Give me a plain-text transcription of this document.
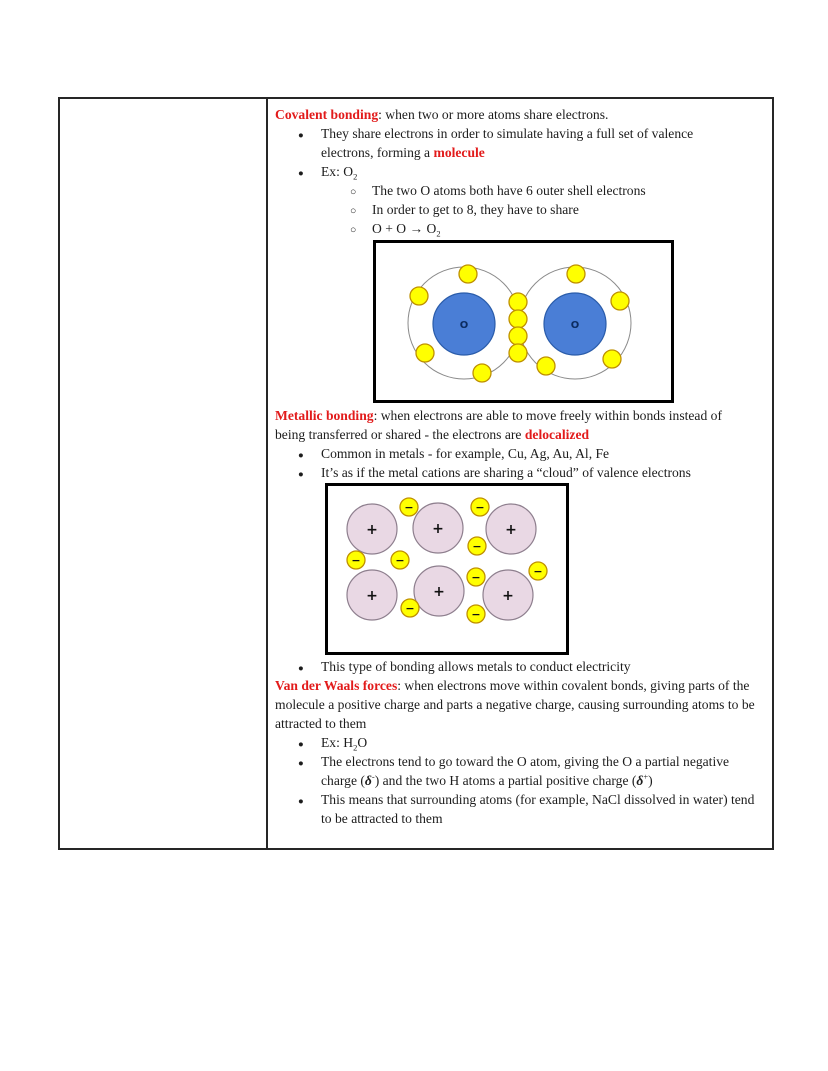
Covalent bonding: when two or more atoms share electrons.

●
They share electrons in order to simulate having a full set of valence electrons, forming a molecule
●
Ex: $O_2$
○
The two O atoms both have 6 outer shell electrons
○
In order to get to 8, they have to share
○
$O + O \to O_2$
O	O

Metallic bonding: when electrons are able to move freely within bonds instead of being transferred or shared - the electrons are delocalized

●
Common in metals - for example, Cu, Ag, Au, Al, Fe
●
It’s as if the metal cations are sharing a “cloud” of valence electrons
+	+	+
+	+	+
−	−
−
−	−
−
−
−	−
●
This type of bonding allows metals to conduct electricity

Van der Waals forces: when electrons move within covalent bonds, giving parts of the molecule a positive charge and parts a negative charge, causing surrounding atoms to be attracted to them

●
Ex: $H_2O$
●
The electrons tend to go toward the O atom, giving the O a partial negative charge (δ-) and the two H atoms a partial positive charge (δ+)
●
This means that surrounding atoms (for example, NaCl dissolved in water) tend to be attracted to them
